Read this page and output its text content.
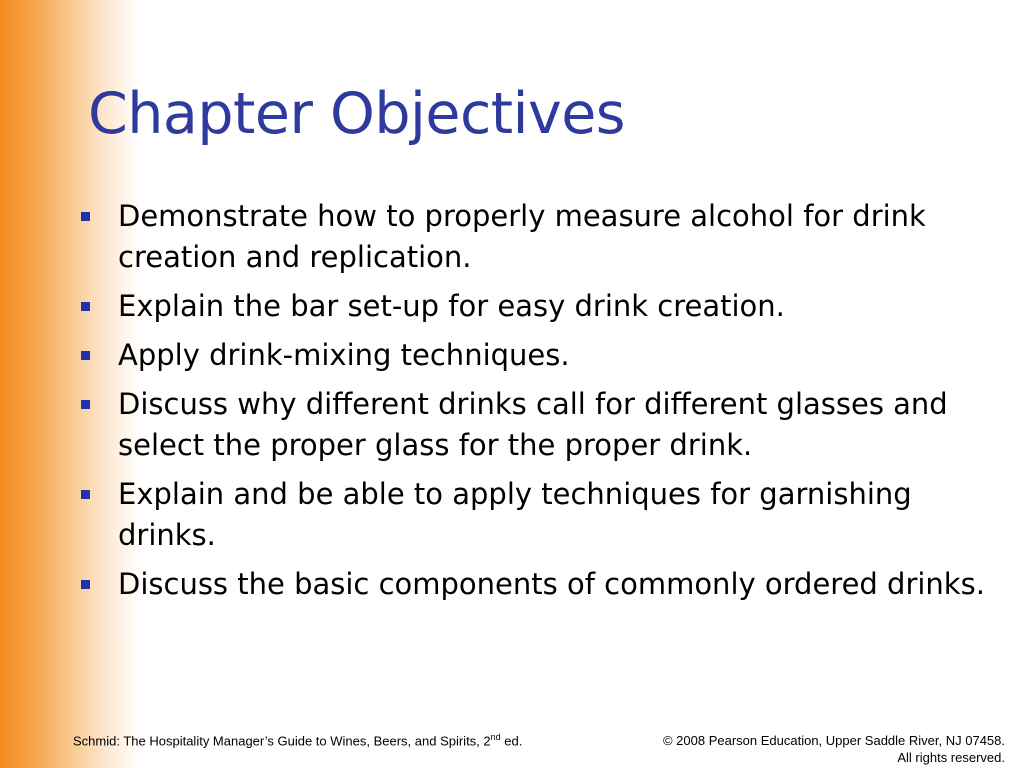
Chapter Objectives
Demonstrate how to properly measure alcohol for drink creation and replication.
Explain the bar set-up for easy drink creation.
Apply drink-mixing techniques.
Discuss why different drinks call for different glasses and select the proper glass for the proper drink.
Explain and be able to apply techniques for garnishing drinks.
Discuss the basic components of commonly ordered drinks.
Schmid: The Hospitality Manager’s Guide to Wines, Beers, and Spirits, 2nd ed.	© 2008 Pearson Education, Upper Saddle River, NJ 07458.
All rights reserved.
